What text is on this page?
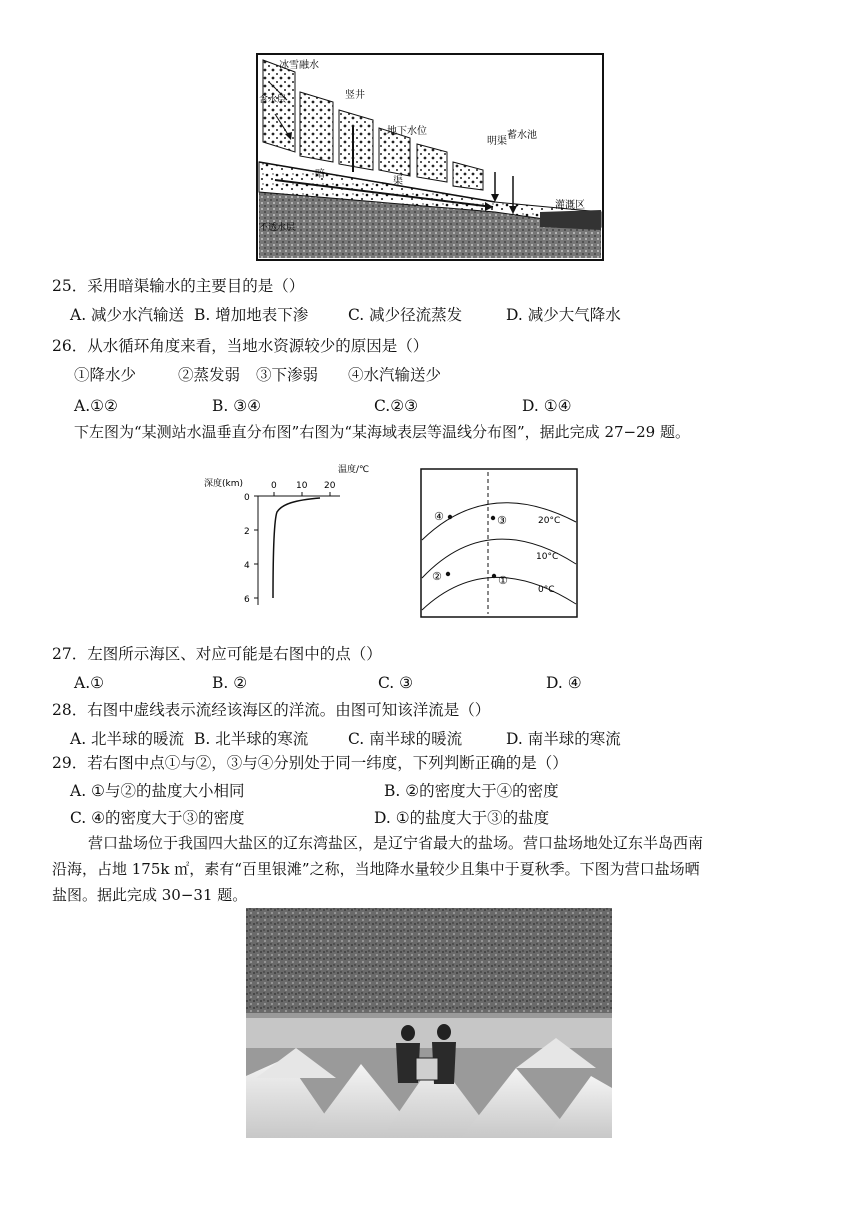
冰雪融水
竖井
地下水位
明渠
蓄水池
灌溉区
暗
渠
含水层
不透水层
25．采用暗渠输水的主要目的是（）
A. 减少水汽输送 B. 增加地表下渗	C. 减少径流蒸发	D. 减少大气降水
26．从水循环角度来看，当地水资源较少的原因是（）
①降水少	②蒸发弱 ③下渗弱 ④水汽输送少
A.①②	B. ③④	C.②③	D. ①④
下左图为“某测站水温垂直分布图”右图为“某海域表层等温线分布图”，据此完成 27−29 题。
深度(km)
温度/℃
0 10 20
0
2
4
6
20°C
10°C
0°C
④	③
②	①
27．左图所示海区、对应可能是右图中的点（）
A.①	B. ②	C. ③	D. ④
28．右图中虚线表示流经该海区的洋流。由图可知该洋流是（）
A. 北半球的暖流 B. 北半球的寒流	C. 南半球的暖流	D. 南半球的寒流
29．若右图中点①与②，③与④分别处于同一纬度，下列判断正确的是（）
A. ①与②的盐度大小相同	B. ②的密度大于④的密度
C. ④的密度大于③的密度	D. ①的盐度大于③的盐度
营口盐场位于我国四大盐区的辽东湾盐区，是辽宁省最大的盐场。营口盐场地处辽东半岛西南
沿海，占地 175k ㎡，素有“百里银滩”之称，当地降水量较少且集中于夏秋季。下图为营口盐场晒
盐图。据此完成 30−31 题。
